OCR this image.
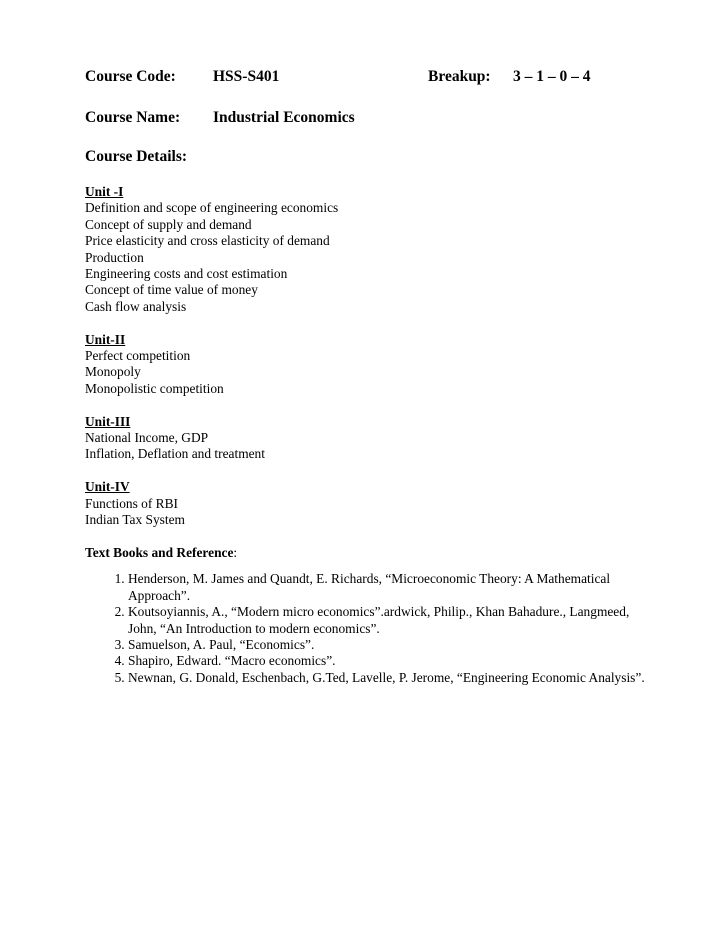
Course Code: HSS-S401	Breakup: 3 – 1 – 0 – 4
Course Name: Industrial Economics
Course Details:
Unit -I
Definition and scope of engineering economics
Concept of supply and demand
Price elasticity and cross elasticity of demand
Production
Engineering costs and cost estimation
Concept of time value of money
Cash flow analysis
Unit-II
Perfect competition
Monopoly
Monopolistic competition
Unit-III
National Income, GDP
Inflation, Deflation and treatment
Unit-IV
Functions of RBI
Indian Tax System
Text Books and Reference:
1. Henderson, M. James and Quandt, E. Richards, “Microeconomic Theory: A Mathematical Approach”.
2. Koutsoyiannis, A., “Modern micro economics”.ardwick, Philip., Khan Bahadure., Langmeed, John, “An Introduction to modern economics”.
3. Samuelson, A. Paul, “Economics”.
4. Shapiro, Edward. “Macro economics”.
5. Newnan, G. Donald, Eschenbach, G.Ted, Lavelle, P. Jerome, “Engineering Economic Analysis”.
